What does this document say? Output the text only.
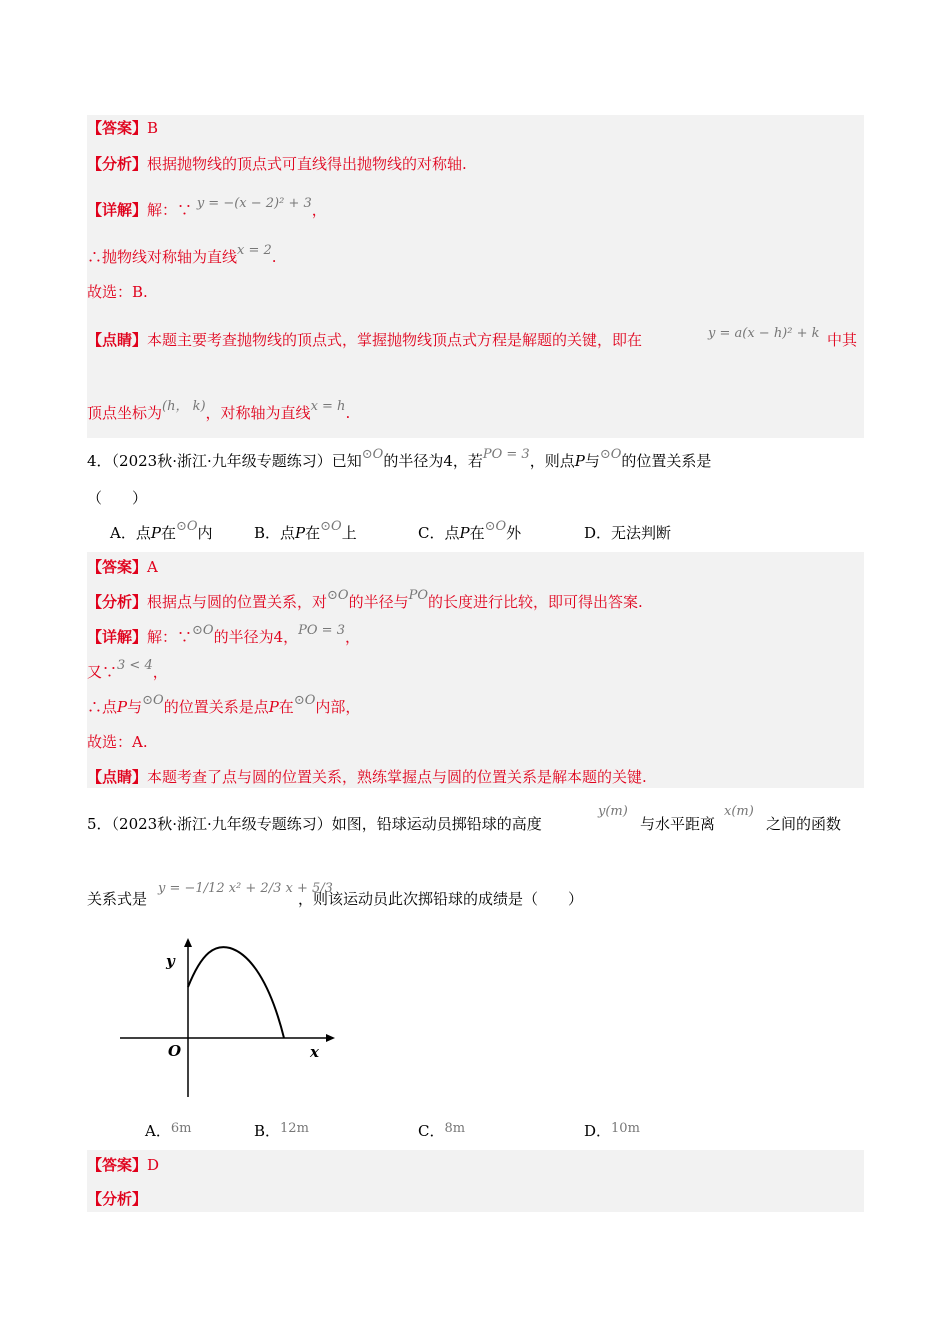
【答案】B
【分析】根据抛物线的顶点式可直线得出抛物线的对称轴.
【详解】解：∵ y = −(x − 2)² + 3，
∴抛物线对称轴为直线x = 2.
故选：B.
【点睛】本题主要考查抛物线的顶点式，掌握抛物线顶点式方程是解题的关键，即在	y = a(x − h)² + k 中其
顶点坐标为(h， k)，对称轴为直线x = h.
4．（2023秋·浙江·九年级专题练习）已知⊙O的半径为4，若PO = 3，则点P与⊙O的位置关系是
（　　）
A．点P在⊙O内	B．点P在⊙O上	C．点P在⊙O外	D．无法判断
【答案】A
【分析】根据点与圆的位置关系，对⊙O的半径与PO的长度进行比较，即可得出答案.
【详解】解：∵⊙O的半径为4，PO = 3，
又∵3 < 4，
∴点P与⊙O的位置关系是点P在⊙O内部，
故选：A.
【点睛】本题考查了点与圆的位置关系，熟练掌握点与圆的位置关系是解本题的关键.
5．（2023秋·浙江·九年级专题练习）如图，铅球运动员掷铅球的高度
y(m)
与水平距离
x(m)
之间的函数
关系式是
y = −1/12 x² + 2/3 x + 5/3
，则该运动员此次掷铅球的成绩是（　　）
y
x
O
A．6m	B．12m	C．8m	D．10m
【答案】D
【分析】
